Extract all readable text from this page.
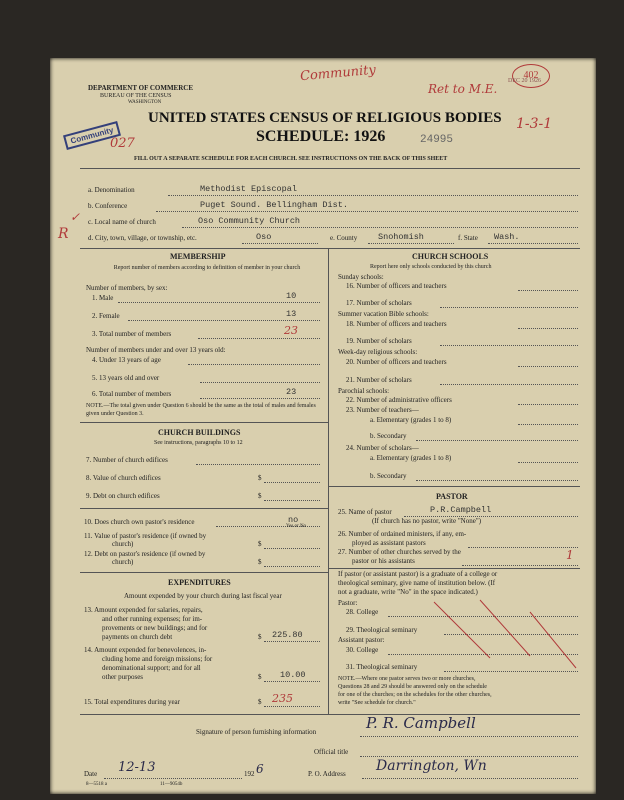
DEPARTMENT OF COMMERCE
BUREAU OF THE CENSUS
WASHINGTON
Community
Ret to M.E.
402
DEC 20 1926
1-3-1
Community
027
UNITED STATES CENSUS OF RELIGIOUS BODIES
SCHEDULE: 1926	24995
FILL OUT A SEPARATE SCHEDULE FOR EACH CHURCH. SEE INSTRUCTIONS ON THE BACK OF THIS SHEET
a. Denomination	Methodist Episcopal
b. Conference	Puget Sound. Bellingham Dist.
✓ c. Local name of church	Oso Community Church
R	d. City, town, village, or township, etc.	Oso	e. County Snohomish	f. State Wash.
MEMBERSHIP
Report number of members according to definition of member in your church
Number of members, by sex:
1. Male	10
2. Female	13
3. Total number of members	23
Number of members under and over 13 years old:
4. Under 13 years of age
5. 13 years old and over
6. Total number of members	23
NOTE.—The total given under Question 6 should be the same as the total of males and females given under Question 3.
CHURCH BUILDINGS
See instructions, paragraphs 10 to 12
7. Number of church edifices
8. Value of church edifices	$
9. Debt on church edifices	$
10. Does church own pastor's residence	no
Yes or No
11. Value of pastor's residence (if owned by
church)	$
12. Debt on pastor's residence (if owned by
church)	$
EXPENDITURES
Amount expended by your church during last fiscal year
13. Amount expended for salaries, repairs,
and other running expenses; for im-
provements or new buildings; and for
payments on church debt	$ 225.80
14. Amount expended for benevolences, in-
cluding home and foreign missions; for
denominational support; and for all
other purposes	$ 10.00
15. Total expenditures during year	$ 235
CHURCH SCHOOLS
Report here only schools conducted by this church
Sunday schools:
16. Number of officers and teachers
17. Number of scholars
Summer vacation Bible schools:
18. Number of officers and teachers
19. Number of scholars
Week-day religious schools:
20. Number of officers and teachers
21. Number of scholars
Parochial schools:
22. Number of administrative officers
23. Number of teachers—
a. Elementary (grades 1 to 8)
b. Secondary
24. Number of scholars—
a. Elementary (grades 1 to 8)
b. Secondary
PASTOR
25. Name of pastor	P.R.Campbell
(If church has no pastor, write "None")
26. Number of ordained ministers, if any, em-
ployed as assistant pastors
27. Number of other churches served by the
pastor or his assistants	1
If pastor (or assistant pastor) is a graduate of a college or
theological seminary, give name of institution below. (If
not a graduate, write "No" in the space indicated.)
Pastor:
28. College
29. Theological seminary
Assistant pastor:
30. College
31. Theological seminary
NOTE.—Where one pastor serves two or more churches,
Questions 28 and 29 should be answered only on the schedule
for one of the churches; on the schedules for the other churches,
write "See schedule for church."
Signature of person furnishing information	P. R. Campbell
Official title
Date 12-13	192 6	P. O. Address Darrington, Wn
8—5518 a	11—9054b
